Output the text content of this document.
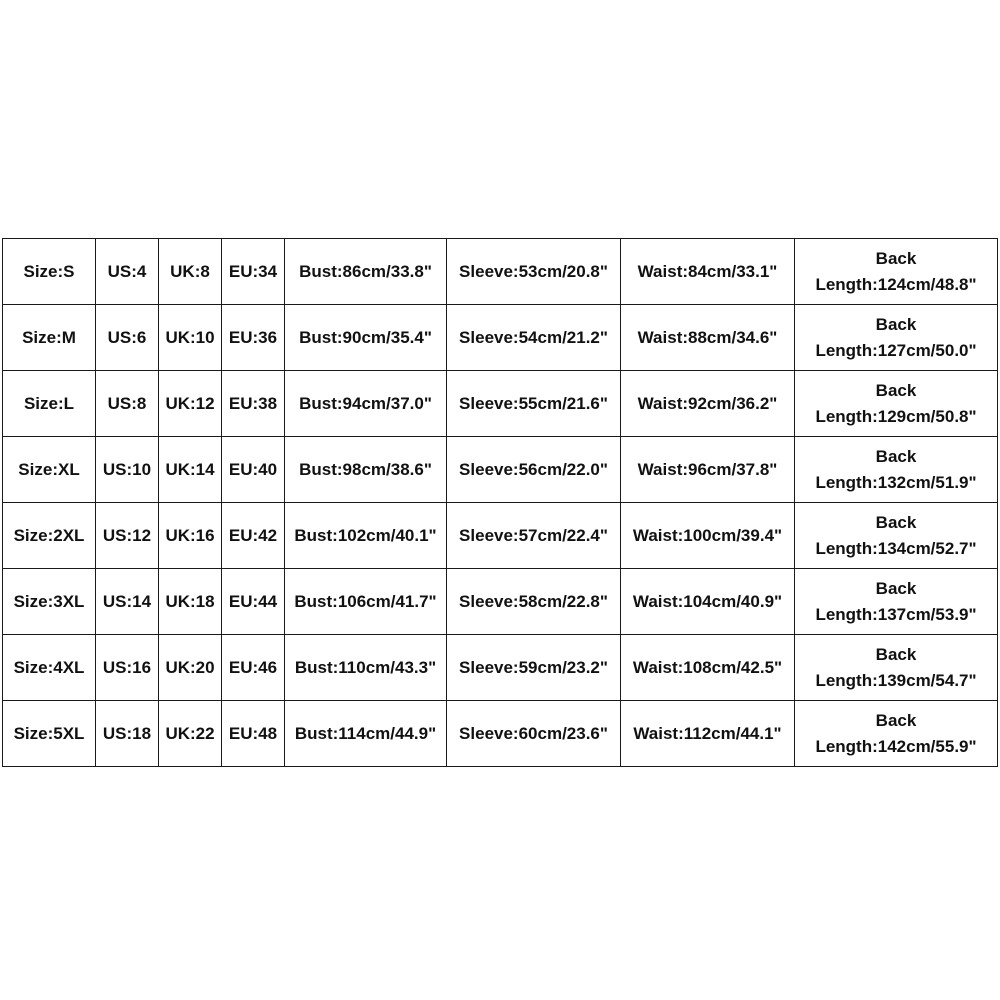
Size:S	US:4	UK:8	EU:34	Bust:86cm/33.8"	Sleeve:53cm/20.8"	Waist:84cm/33.1"	Back
Length:124cm/48.8"

Size:M	US:6	UK:10	EU:36	Bust:90cm/35.4"	Sleeve:54cm/21.2"	Waist:88cm/34.6"	Back
Length:127cm/50.0"

Size:L	US:8	UK:12	EU:38	Bust:94cm/37.0"	Sleeve:55cm/21.6"	Waist:92cm/36.2"	Back
Length:129cm/50.8"

Size:XL	US:10	UK:14	EU:40	Bust:98cm/38.6"	Sleeve:56cm/22.0"	Waist:96cm/37.8"	Back
Length:132cm/51.9"

Size:2XL	US:12	UK:16	EU:42	Bust:102cm/40.1"	Sleeve:57cm/22.4"	Waist:100cm/39.4"	Back
Length:134cm/52.7"

Size:3XL	US:14	UK:18	EU:44	Bust:106cm/41.7"	Sleeve:58cm/22.8"	Waist:104cm/40.9"	Back
Length:137cm/53.9"

Size:4XL	US:16	UK:20	EU:46	Bust:110cm/43.3"	Sleeve:59cm/23.2"	Waist:108cm/42.5"	Back
Length:139cm/54.7"

Size:5XL	US:18	UK:22	EU:48	Bust:114cm/44.9"	Sleeve:60cm/23.6"	Waist:112cm/44.1"	Back
Length:142cm/55.9"
